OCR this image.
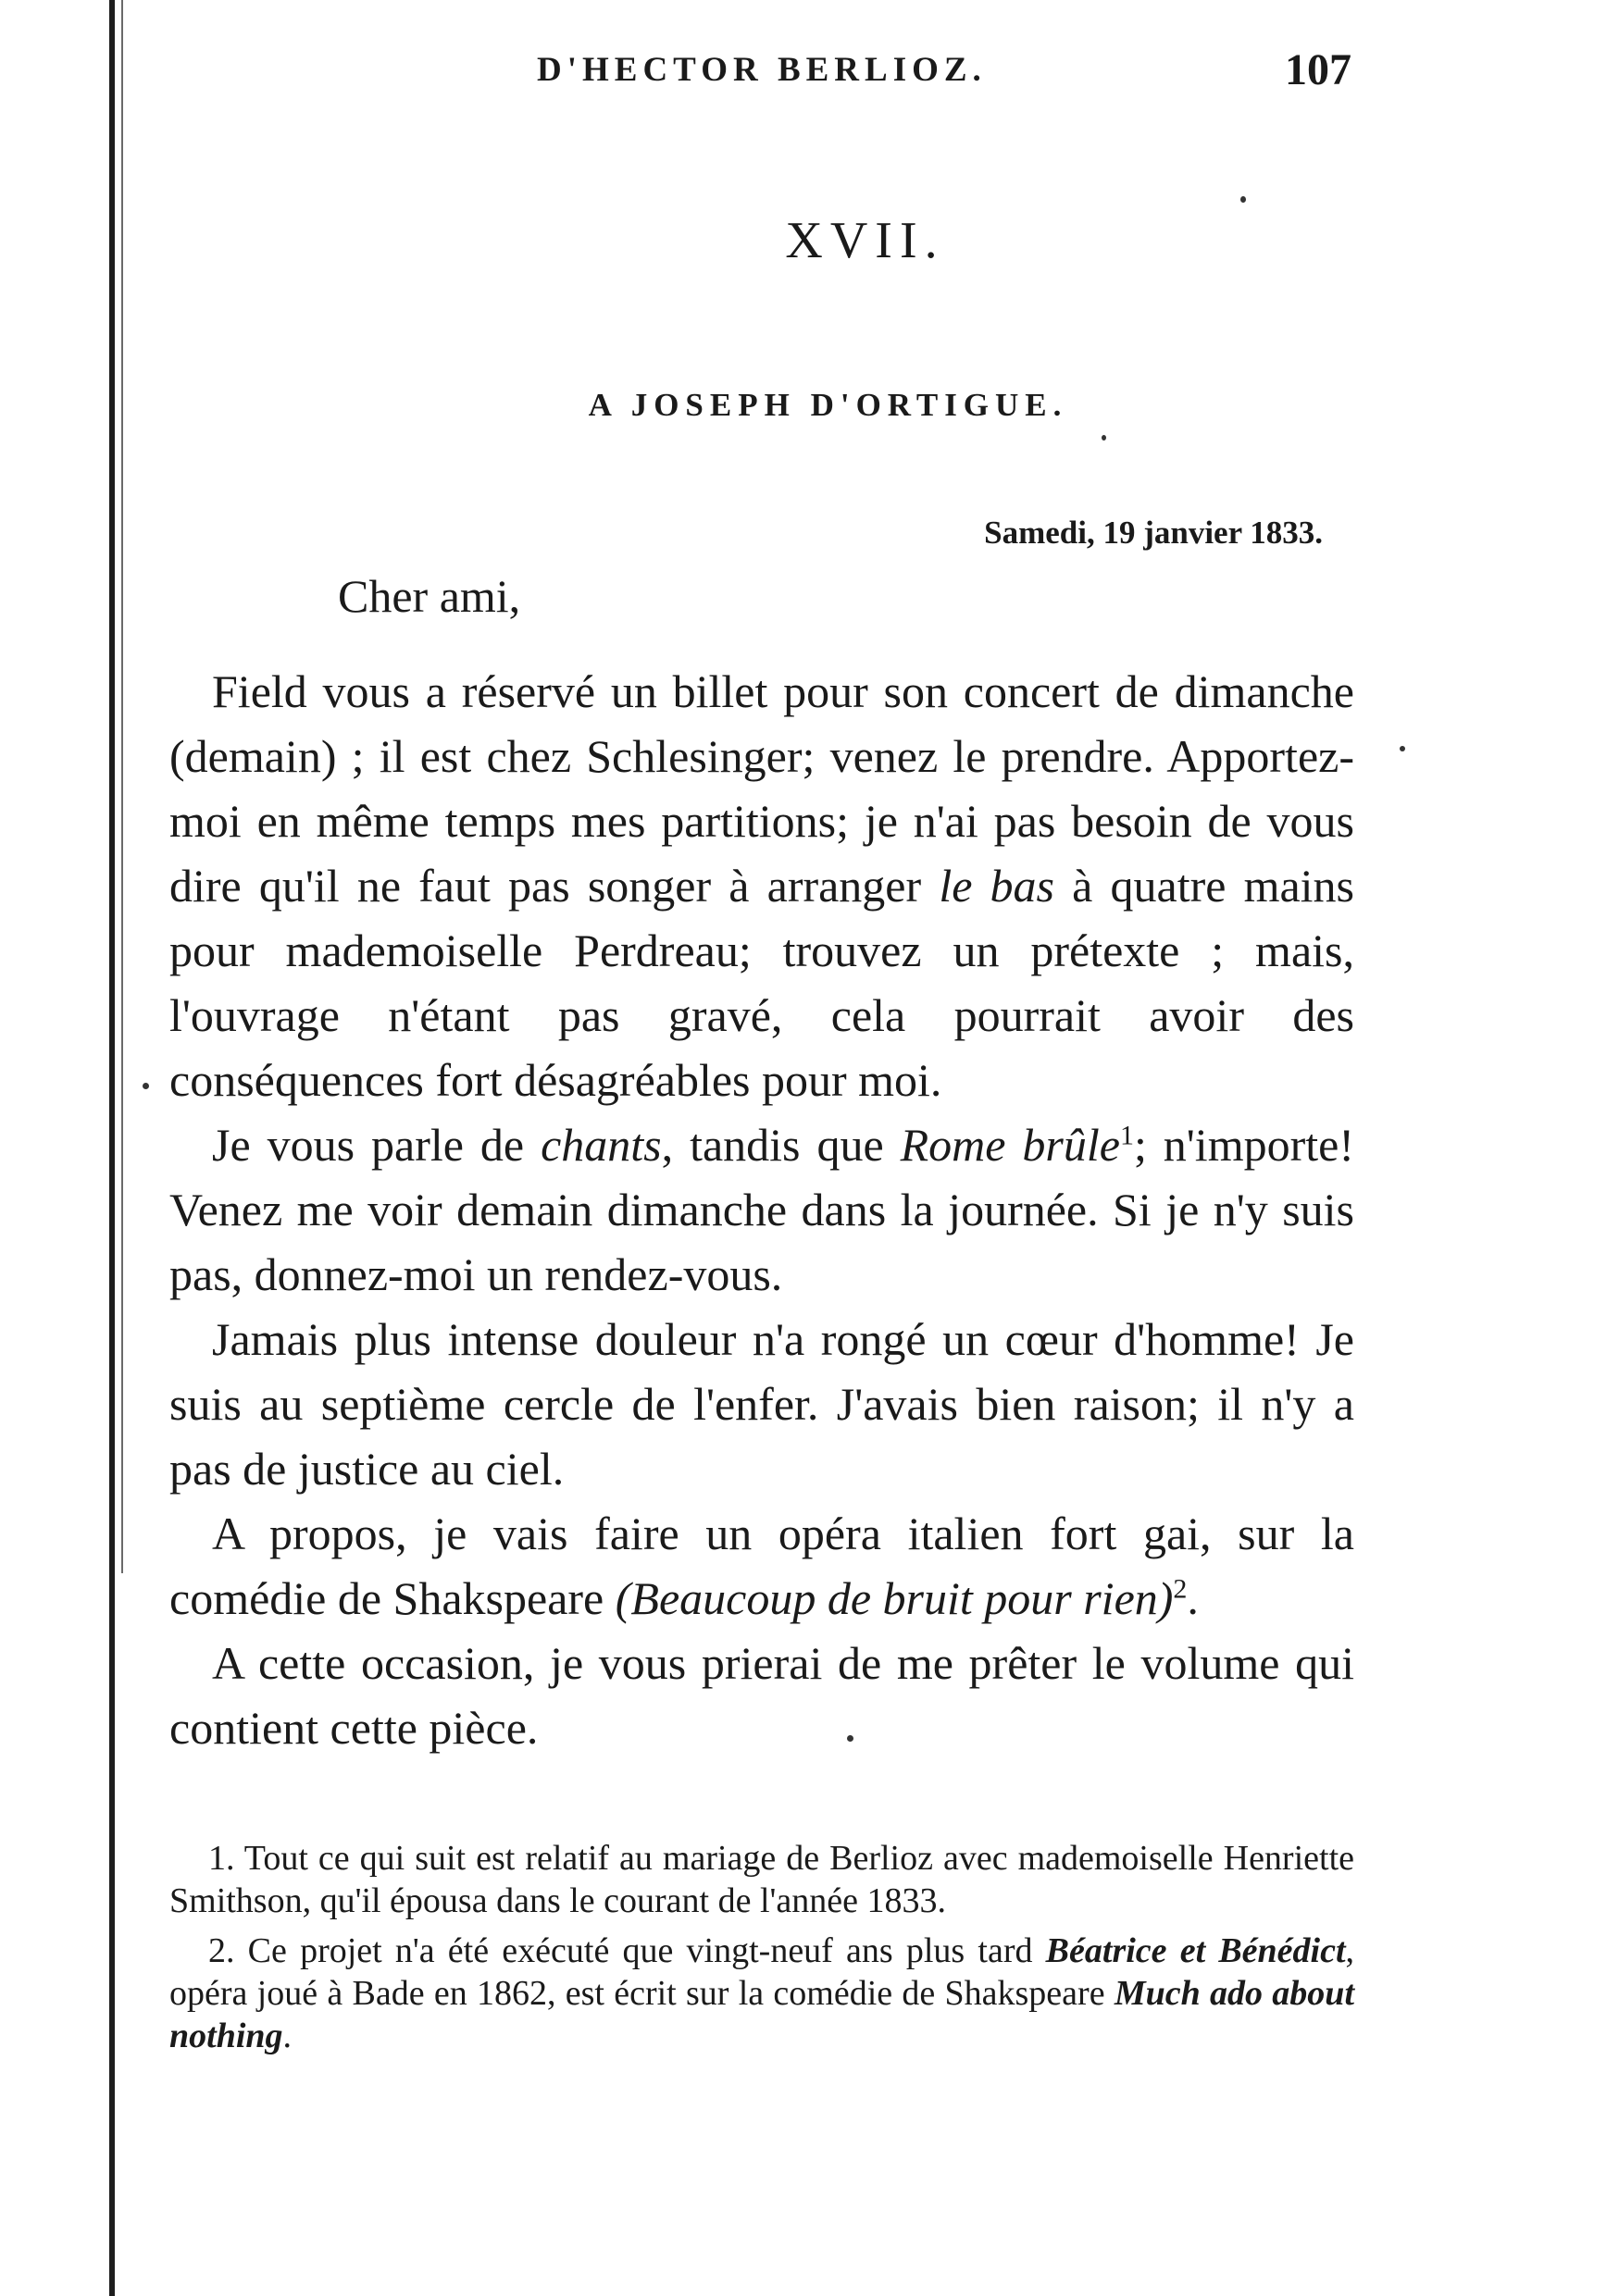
D'HECTOR BERLIOZ.	107
XVII.
A JOSEPH D'ORTIGUE.
Samedi, 19 janvier 1833.
Cher ami,

Field vous a réservé un billet pour son concert de dimanche (demain) ; il est chez Schlesinger; venez le prendre. Apportez-moi en même temps mes partitions; je n'ai pas besoin de vous dire qu'il ne faut pas songer à arranger le bas à quatre mains pour mademoiselle Perdreau; trouvez un prétexte ; mais, l'ouvrage n'étant pas gravé, cela pourrait avoir des conséquences fort désagréables pour moi.

Je vous parle de chants, tandis que Rome brûle$^1$; n'importe! Venez me voir demain dimanche dans la journée. Si je n'y suis pas, donnez-moi un rendez-vous.

Jamais plus intense douleur n'a rongé un cœur d'homme! Je suis au septième cercle de l'enfer. J'avais bien raison; il n'y a pas de justice au ciel.

A propos, je vais faire un opéra italien fort gai, sur la comédie de Shakspeare (Beaucoup de bruit pour rien)$^2$.

A cette occasion, je vous prierai de me prêter le volume qui contient cette pièce.

1. Tout ce qui suit est relatif au mariage de Berlioz avec mademoiselle Henriette Smithson, qu'il épousa dans le courant de l'année 1833.

2. Ce projet n'a été exécuté que vingt-neuf ans plus tard Béatrice et Bénédict, opéra joué à Bade en 1862, est écrit sur la comédie de Shakspeare Much ado about nothing.
